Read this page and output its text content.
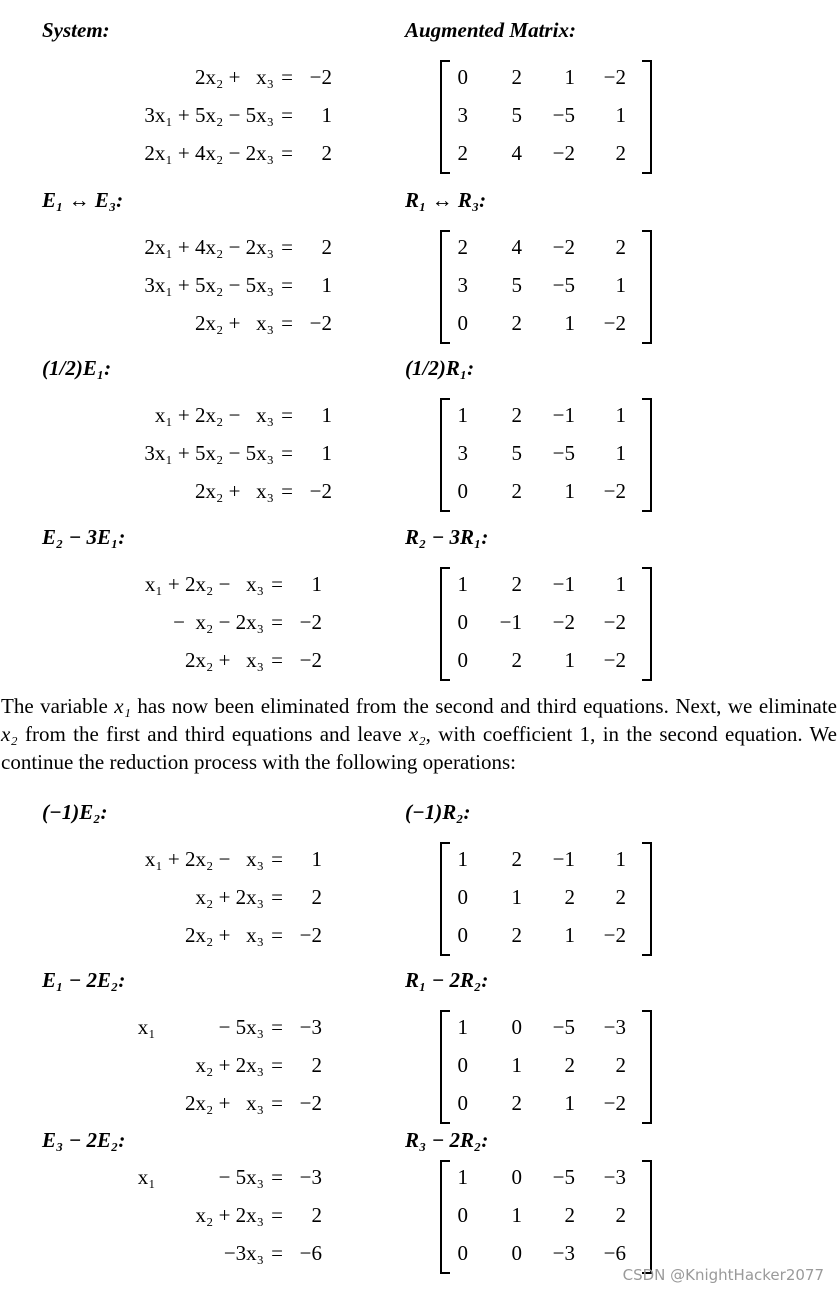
System:	Augmented Matrix:
2x₂ +   x₃ = −2
3x₁ + 5x₂ − 5x₃ = 1
2x₁ + 4x₂ − 2x₃ = 2
0	2	1	−2
3	5	−5	1
2	4	−2	2
E₁ ↔ E₃:	R₁ ↔ R₃:
2x₁ + 4x₂ − 2x₃ = 2
3x₁ + 5x₂ − 5x₃ = 1
2x₂ +   x₃ = −2
2	4	−2	2
3	5	−5	1
0	2	1	−2
(1/2)E₁:	(1/2)R₁:
x₁ + 2x₂ −   x₃ = 1
3x₁ + 5x₂ − 5x₃ = 1
2x₂ +   x₃ = −2
1	2	−1	1
3	5	−5	1
0	2	1	−2
E₂ − 3E₁:	R₂ − 3R₁:
x₁ + 2x₂ −   x₃ = 1
−  x₂ − 2x₃ = −2
2x₂ +   x₃ = −2
1	2	−1	1
0 −1	−2	−2
0	2	1	−2
The variable x₁ has now been eliminated from the second and third equations. Next, we eliminate x₂ from the first and third equations and leave x₂, with coefficient 1, in the second equation. We continue the reduction process with the following operations:
(−1)E₂:	(−1)R₂:
x₁ + 2x₂ −   x₃ = 1
x₂ + 2x₃ = 2
2x₂ +   x₃ = −2
1	2	−1	1
0	1	2	2
0	2	1	−2
E₁ − 2E₂:	R₁ − 2R₂:
x₁            − 5x₃ = −3
x₂ + 2x₃ = 2
2x₂ +   x₃ = −2
1	0	−5	−3
0	1	2	2
0	2	1	−2
E₃ − 2E₂:	R₃ − 2R₂:
x₁            − 5x₃ = −3
x₂ + 2x₃ = 2
−3x₃ = −6
1	0	−5	−3
0	1	2	2
0	0	−3	−6
CSDN @KnightHacker2077
